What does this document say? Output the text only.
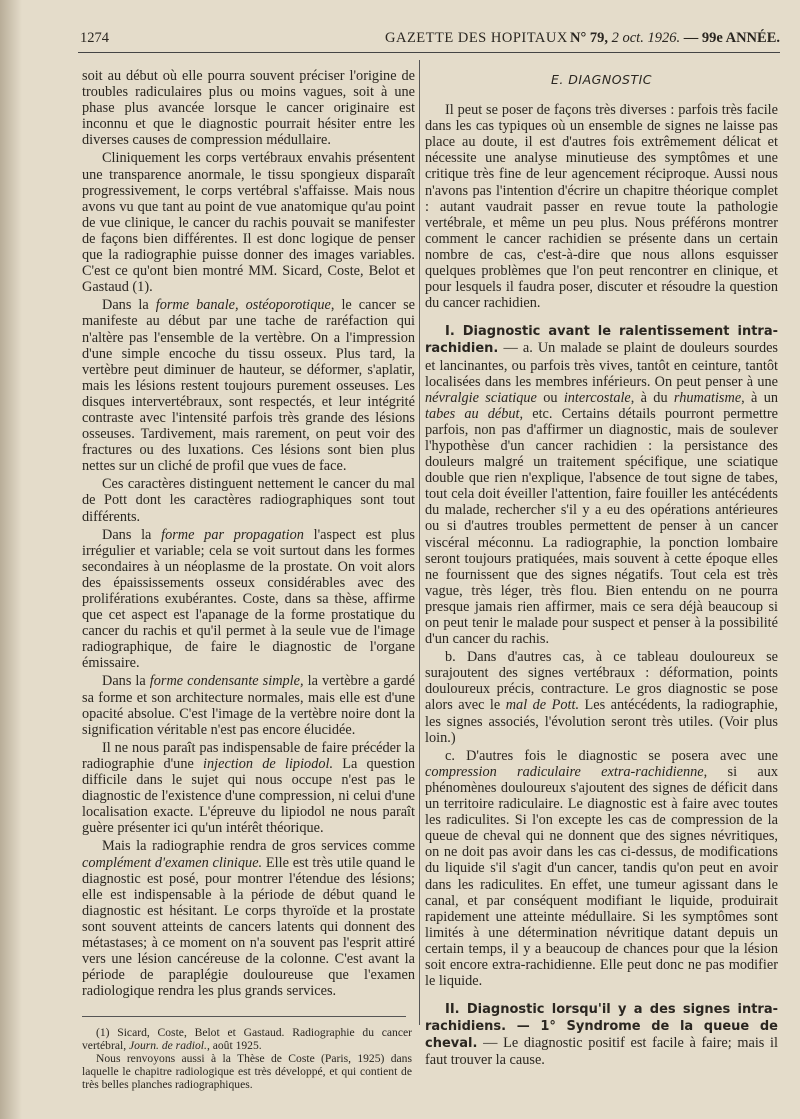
1274	GAZETTE DES HOPITAUX N° 79, 2 oct. 1926. — 99e ANNÉE.

soit au début où elle pourra souvent préciser l'origine de troubles radiculaires plus ou moins vagues, soit à une phase plus avancée lorsque le cancer originaire est inconnu et que le diagnostic pourrait hésiter entre les diverses causes de compression médullaire.

Cliniquement les corps vertébraux envahis présentent une transparence anormale, le tissu spongieux disparaît progressivement, le corps vertébral s'affaisse. Mais nous avons vu que tant au point de vue anatomique qu'au point de vue clinique, le cancer du rachis pouvait se manifester de façons bien différentes. Il est donc logique de penser que la radiographie puisse donner des images variables. C'est ce qu'ont bien montré MM. Sicard, Coste, Belot et Gastaud (1).

Dans la forme banale, ostéoporotique, le cancer se manifeste au début par une tache de raréfaction qui n'altère pas l'ensemble de la vertèbre. On a l'impression d'une simple encoche du tissu osseux. Plus tard, la vertèbre peut diminuer de hauteur, se déformer, s'aplatir, mais les lésions restent toujours purement osseuses. Les disques intervertébraux, sont respectés, et leur intégrité contraste avec l'intensité parfois très grande des lésions osseuses. Tardivement, mais rarement, on peut voir des fractures ou des luxations. Ces lésions sont bien plus nettes sur un cliché de profil que vues de face.

Ces caractères distinguent nettement le cancer du mal de Pott dont les caractères radiographiques sont tout différents.

Dans la forme par propagation l'aspect est plus irrégulier et variable; cela se voit surtout dans les formes secondaires à un néoplasme de la prostate. On voit alors des épaississements osseux considérables avec des proliférations exubérantes. Coste, dans sa thèse, affirme que cet aspect est l'apanage de la forme prostatique du cancer du rachis et qu'il permet à la seule vue de l'image radiographique, de faire le diagnostic de l'organe émissaire.

Dans la forme condensante simple, la vertèbre a gardé sa forme et son architecture normales, mais elle est d'une opacité absolue. C'est l'image de la vertèbre noire dont la signification véritable n'est pas encore élucidée.

Il ne nous paraît pas indispensable de faire précéder la radiographie d'une injection de lipiodol. La question difficile dans le sujet qui nous occupe n'est pas le diagnostic de l'existence d'une compression, ni celui d'une localisation exacte. L'épreuve du lipiodol ne nous paraît guère présenter ici qu'un intérêt théorique.

Mais la radiographie rendra de gros services comme complément d'examen clinique. Elle est très utile quand le diagnostic est posé, pour montrer l'étendue des lésions; elle est indispensable à la période de début quand le diagnostic est hésitant. Le corps thyroïde et la prostate sont souvent atteints de cancers latents qui donnent des métastases; à ce moment on n'a souvent pas l'esprit attiré vers une lésion cancéreuse de la colonne. C'est avant la période de paraplégie douloureuse que l'examen radiologique rendra les plus grands services.

(1) Sicard, Coste, Belot et Gastaud. Radiographie du cancer vertébral, Journ. de radiol., août 1925.

Nous renvoyons aussi à la Thèse de Coste (Paris, 1925) dans laquelle le chapitre radiologique est très développé, et qui contient de très belles planches radiographiques.

E. DIAGNOSTIC

Il peut se poser de façons très diverses : parfois très facile dans les cas typiques où un ensemble de signes ne laisse pas place au doute, il est d'autres fois extrêmement délicat et nécessite une analyse minutieuse des symptômes et une critique très fine de leur agencement réciproque. Aussi nous n'avons pas l'intention d'écrire un chapitre théorique complet : autant vaudrait passer en revue toute la pathologie vertébrale, et même un peu plus. Nous préférons montrer comment le cancer rachidien se présente dans un certain nombre de cas, c'est-à-dire que nous allons esquisser quelques problèmes que l'on peut rencontrer en clinique, et pour lesquels il faudra poser, discuter et résoudre la question du cancer rachidien.

I. Diagnostic avant le ralentissement intra-rachidien. — a. Un malade se plaint de douleurs sourdes et lancinantes, ou parfois très vives, tantôt en ceinture, tantôt localisées dans les membres inférieurs. On peut penser à une névralgie sciatique ou intercostale, à du rhumatisme, à un tabes au début, etc. Certains détails pourront permettre parfois, non pas d'affirmer un diagnostic, mais de soulever l'hypothèse d'un cancer rachidien : la persistance des douleurs malgré un traitement spécifique, une sciatique double que rien n'explique, l'absence de tout signe de tabes, tout cela doit éveiller l'attention, faire fouiller les antécédents du malade, rechercher s'il y a eu des opérations antérieures ou si d'autres troubles permettent de penser à un cancer viscéral méconnu. La radiographie, la ponction lombaire seront toujours pratiquées, mais souvent à cette époque elles ne fournissent que des signes négatifs. Tout cela est très vague, très léger, très flou. Bien entendu on ne pourra presque jamais rien affirmer, mais ce sera déjà beaucoup si on peut tenir le malade pour suspect et penser à la possibilité d'un cancer du rachis.

b. Dans d'autres cas, à ce tableau douloureux se surajoutent des signes vertébraux : déformation, points douloureux précis, contracture. Le gros diagnostic se pose alors avec le mal de Pott. Les antécédents, la radiographie, les signes associés, l'évolution seront très utiles. (Voir plus loin.)

c. D'autres fois le diagnostic se posera avec une compression radiculaire extra-rachidienne, si aux phénomènes douloureux s'ajoutent des signes de déficit dans un territoire radiculaire. Le diagnostic est à faire avec toutes les radiculites. Si l'on excepte les cas de compression de la queue de cheval qui ne donnent que des signes névritiques, on ne doit pas avoir dans les cas ci-dessus, de modifications du liquide s'il s'agit d'un cancer, tandis qu'on peut en avoir dans les radiculites. En effet, une tumeur agissant dans le canal, et par conséquent modifiant le liquide, produirait rapidement une atteinte médullaire. Si les symptômes sont limités à une détermination névritique datant depuis un certain temps, il y a beaucoup de chances pour que la lésion soit encore extra-rachidienne. Elle peut donc ne pas modifier le liquide.

II. Diagnostic lorsqu'il y a des signes intra-rachidiens. — 1° Syndrome de la queue de cheval. — Le diagnostic positif est facile à faire; mais il faut trouver la cause.
